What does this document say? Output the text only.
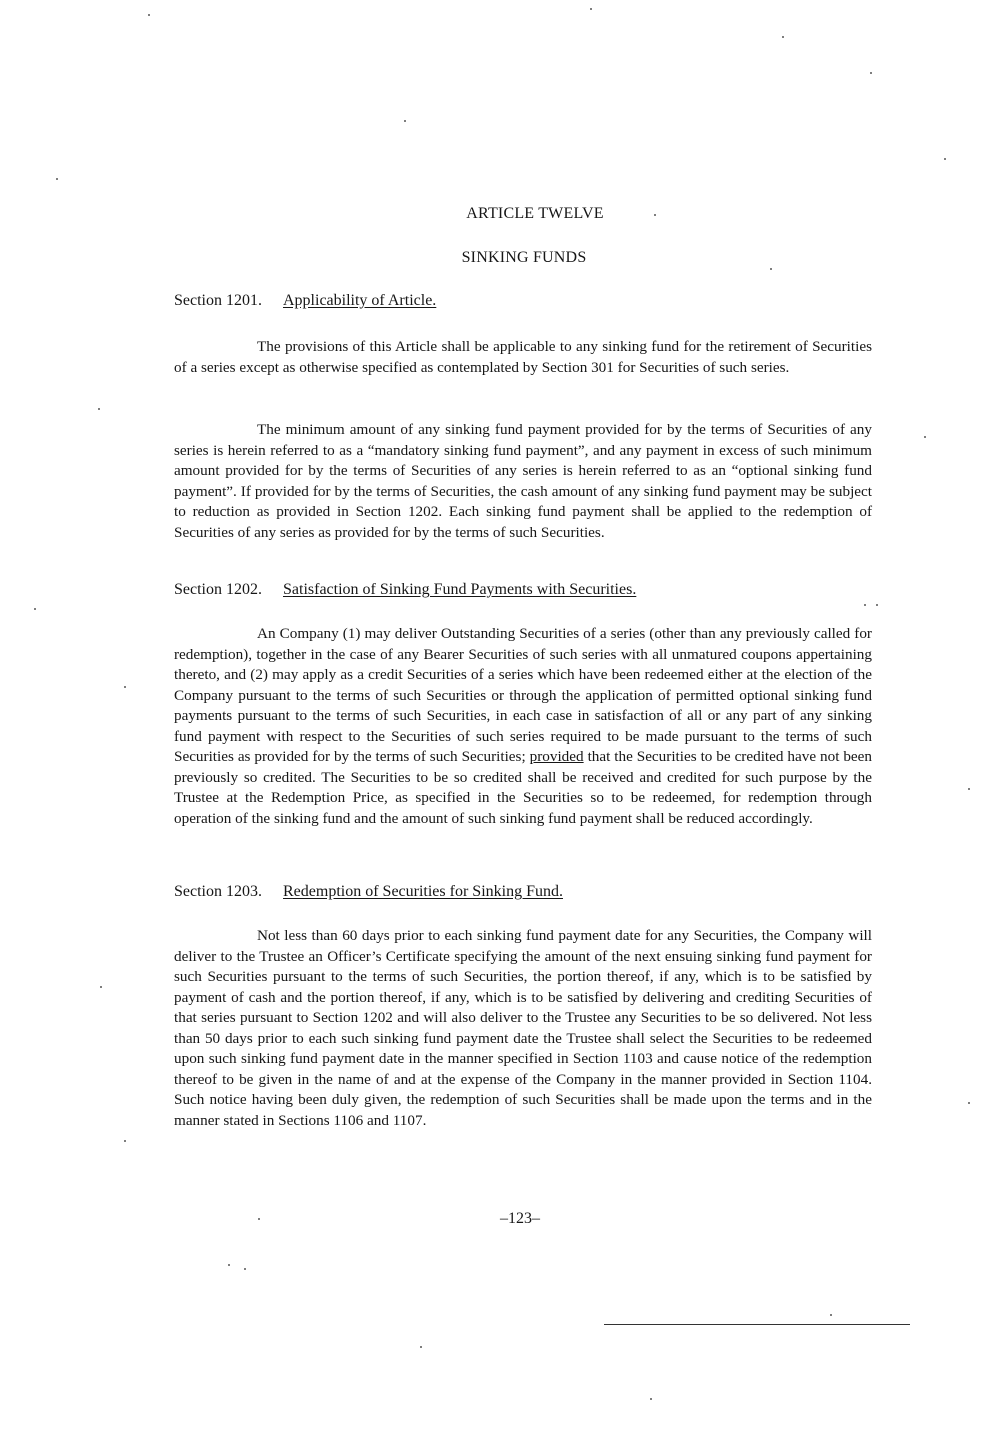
ARTICLE TWELVE
SINKING FUNDS
Section 1201. Applicability of Article.

The provisions of this Article shall be applicable to any sinking fund for the retirement of Securities of a series except as otherwise specified as contemplated by Section 301 for Securities of such series.

The minimum amount of any sinking fund payment provided for by the terms of Securities of any series is herein referred to as a “mandatory sinking fund payment”, and any payment in excess of such minimum amount provided for by the terms of Securities of any series is herein referred to as an “optional sinking fund payment”. If provided for by the terms of Securities, the cash amount of any sinking fund payment may be subject to reduction as provided in Section 1202. Each sinking fund payment shall be applied to the redemption of Securities of any series as provided for by the terms of such Securities.

Section 1202. Satisfaction of Sinking Fund Payments with Securities.

An Company (1) may deliver Outstanding Securities of a series (other than any previously called for redemption), together in the case of any Bearer Securities of such series with all unmatured coupons appertaining thereto, and (2) may apply as a credit Securities of a series which have been redeemed either at the election of the Company pursuant to the terms of such Securities or through the application of permitted optional sinking fund payments pursuant to the terms of such Securities, in each case in satisfaction of all or any part of any sinking fund payment with respect to the Securities of such series required to be made pursuant to the terms of such Securities as provided for by the terms of such Securities; provided that the Securities to be credited have not been previously so credited. The Securities to be so credited shall be received and credited for such purpose by the Trustee at the Redemption Price, as specified in the Securities so to be redeemed, for redemption through operation of the sinking fund and the amount of such sinking fund payment shall be reduced accordingly.

Section 1203. Redemption of Securities for Sinking Fund.

Not less than 60 days prior to each sinking fund payment date for any Securities, the Company will deliver to the Trustee an Officer’s Certificate specifying the amount of the next ensuing sinking fund payment for such Securities pursuant to the terms of such Securities, the portion thereof, if any, which is to be satisfied by payment of cash and the portion thereof, if any, which is to be satisfied by delivering and crediting Securities of that series pursuant to Section 1202 and will also deliver to the Trustee any Securities to be so delivered. Not less than 50 days prior to each such sinking fund payment date the Trustee shall select the Securities to be redeemed upon such sinking fund payment date in the manner specified in Section 1103 and cause notice of the redemption thereof to be given in the name of and at the expense of the Company in the manner provided in Section 1104. Such notice having been duly given, the redemption of such Securities shall be made upon the terms and in the manner stated in Sections 1106 and 1107.

–123–
